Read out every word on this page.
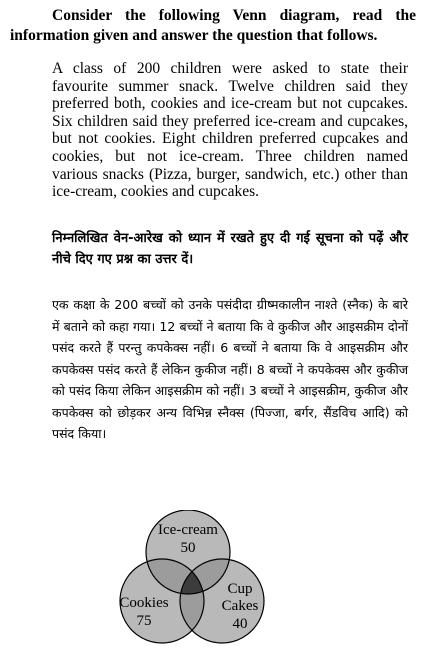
Consider the following Venn diagram, read the information given and answer the question that follows.

A class of 200 children were asked to state their favourite summer snack. Twelve children said they preferred both, cookies and ice-cream but not cupcakes. Six children said they preferred ice-cream and cupcakes, but not cookies. Eight children preferred cupcakes and cookies, but not ice-cream. Three children named various snacks (Pizza, burger, sandwich, etc.) other than ice-cream, cookies and cupcakes.

निम्नलिखित वेन-आरेख को ध्यान में रखते हुए दी गई सूचना को पढ़ें और नीचे दिए गए प्रश्न का उत्तर दें।

एक कक्षा के 200 बच्चों को उनके पसंदीदा ग्रीष्मकालीन नाश्ते (स्नैक) के बारे में बताने को कहा गया। 12 बच्चों ने बताया कि वे कुकीज और आइसक्रीम दोनों पसंद करते हैं परन्तु कपकेक्स नहीं। 6 बच्चों ने बताया कि वे आइसक्रीम और कपकेक्स पसंद करते हैं लेकिन कुकीज नहीं। 8 बच्चों ने कपकेक्स और कुकीज को पसंद किया लेकिन आइसक्रीम को नहीं। 3 बच्चों ने आइसक्रीम, कुकीज और कपकेक्स को छोड़कर अन्य विभिन्न स्नैक्स (पिज्जा, बर्गर, सैंडविच आदि) को पसंद किया।

Ice-cream
50
Cookies
75
Cup
Cakes
40
